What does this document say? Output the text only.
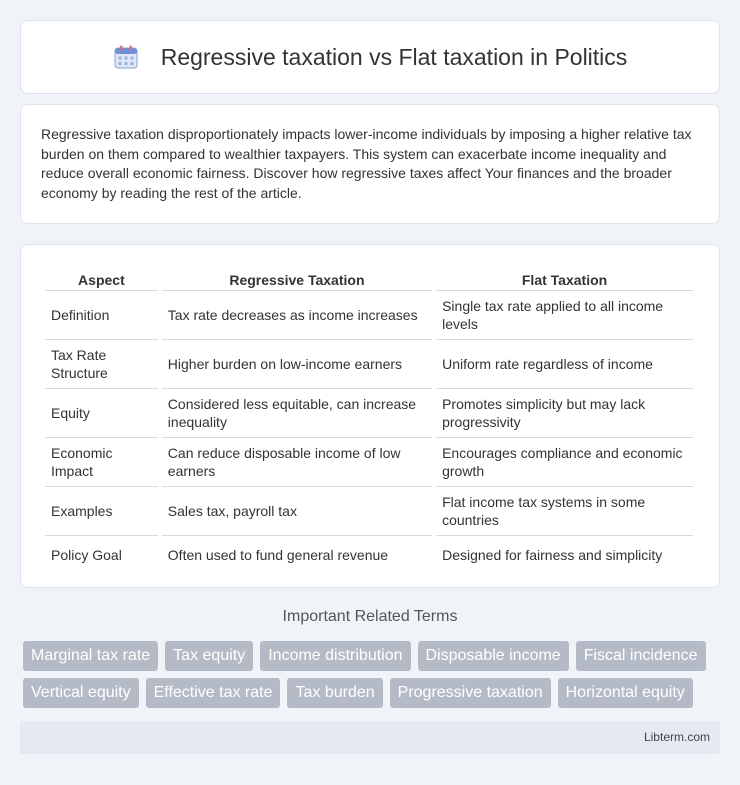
Regressive taxation vs Flat taxation in Politics

Regressive taxation disproportionately impacts lower-income individuals by imposing a higher relative tax burden on them compared to wealthier taxpayers. This system can exacerbate income inequality and reduce overall economic fairness. Discover how regressive taxes affect Your finances and the broader economy by reading the rest of the article.

Aspect	Regressive Taxation	Flat Taxation
Definition	Tax rate decreases as income increases	Single tax rate applied to all income levels
Tax Rate Structure	Higher burden on low-income earners	Uniform rate regardless of income
Equity	Considered less equitable, can increase inequality	Promotes simplicity but may lack progressivity
Economic Impact	Can reduce disposable income of low earners	Encourages compliance and economic growth
Examples	Sales tax, payroll tax	Flat income tax systems in some countries
Policy Goal	Often used to fund general revenue	Designed for fairness and simplicity
Important Related Terms
Marginal tax rate	Tax equity	Income distribution	Disposable income	Fiscal incidence
Vertical equity	Effective tax rate	Tax burden	Progressive taxation	Horizontal equity
Libterm.com
